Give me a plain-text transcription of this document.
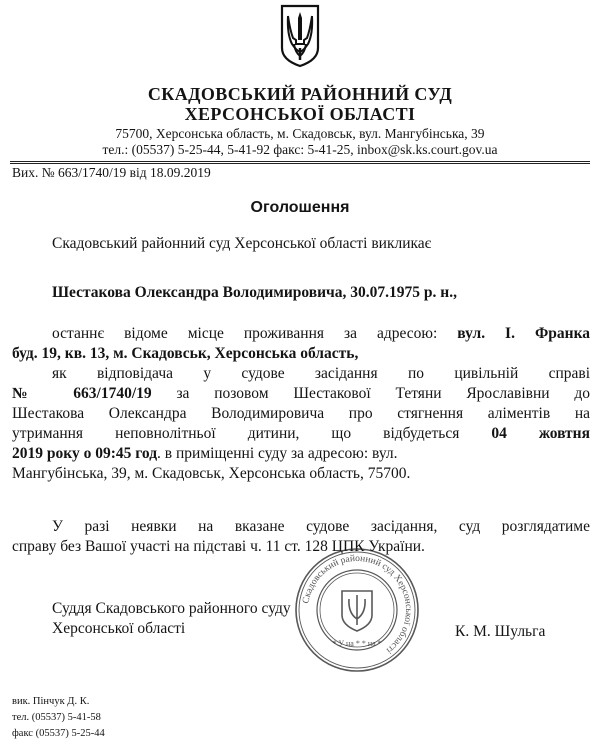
СКАДОВСЬКИЙ РАЙОННИЙ СУД
ХЕРСОНСЬКОЇ ОБЛАСТІ
75700, Херсонська область, м. Скадовськ, вул. Мангубінська, 39
тел.: (05537) 5-25-44, 5-41-92 факс: 5-41-25, inbox@sk.ks.court.gov.ua
Вих. № 663/1740/19 від 18.09.2019
Оголошення
Скадовський районний суд Херсонської області викликає
Шестакова Олександра Володимировича, 30.07.1975 р. н.,
останнє відоме місце проживання за адресою: вул. І. Франка
буд. 19, кв. 13, м. Скадовськ, Херсонська область,
як відповідача у судове засідання по цивільній справі
№ 663/1740/19 за позовом Шестакової Тетяни Ярославівни до
Шестакова Олександра Володимировича про стягнення аліментів на
утримання неповнолітньої дитини, що відбудеться 04 жовтня
2019 року о 09:45 год. в приміщенні суду за адресою: вул.
Мангубінська, 39, м. Скадовськ, Херсонська область, 75700.
У разі неявки на вказане судове засідання, суд розглядатиме
справу без Вашої участі на підставі ч. 11 ст. 128 ЦПК України.
Суддя Скадовського районного суду
Херсонської області	К. М. Шульга
Скадовський районний суд Херсонської області
* У на * * на *
вик. Пінчук Д. К.
тел. (05537) 5-41-58
факс (05537) 5-25-44
